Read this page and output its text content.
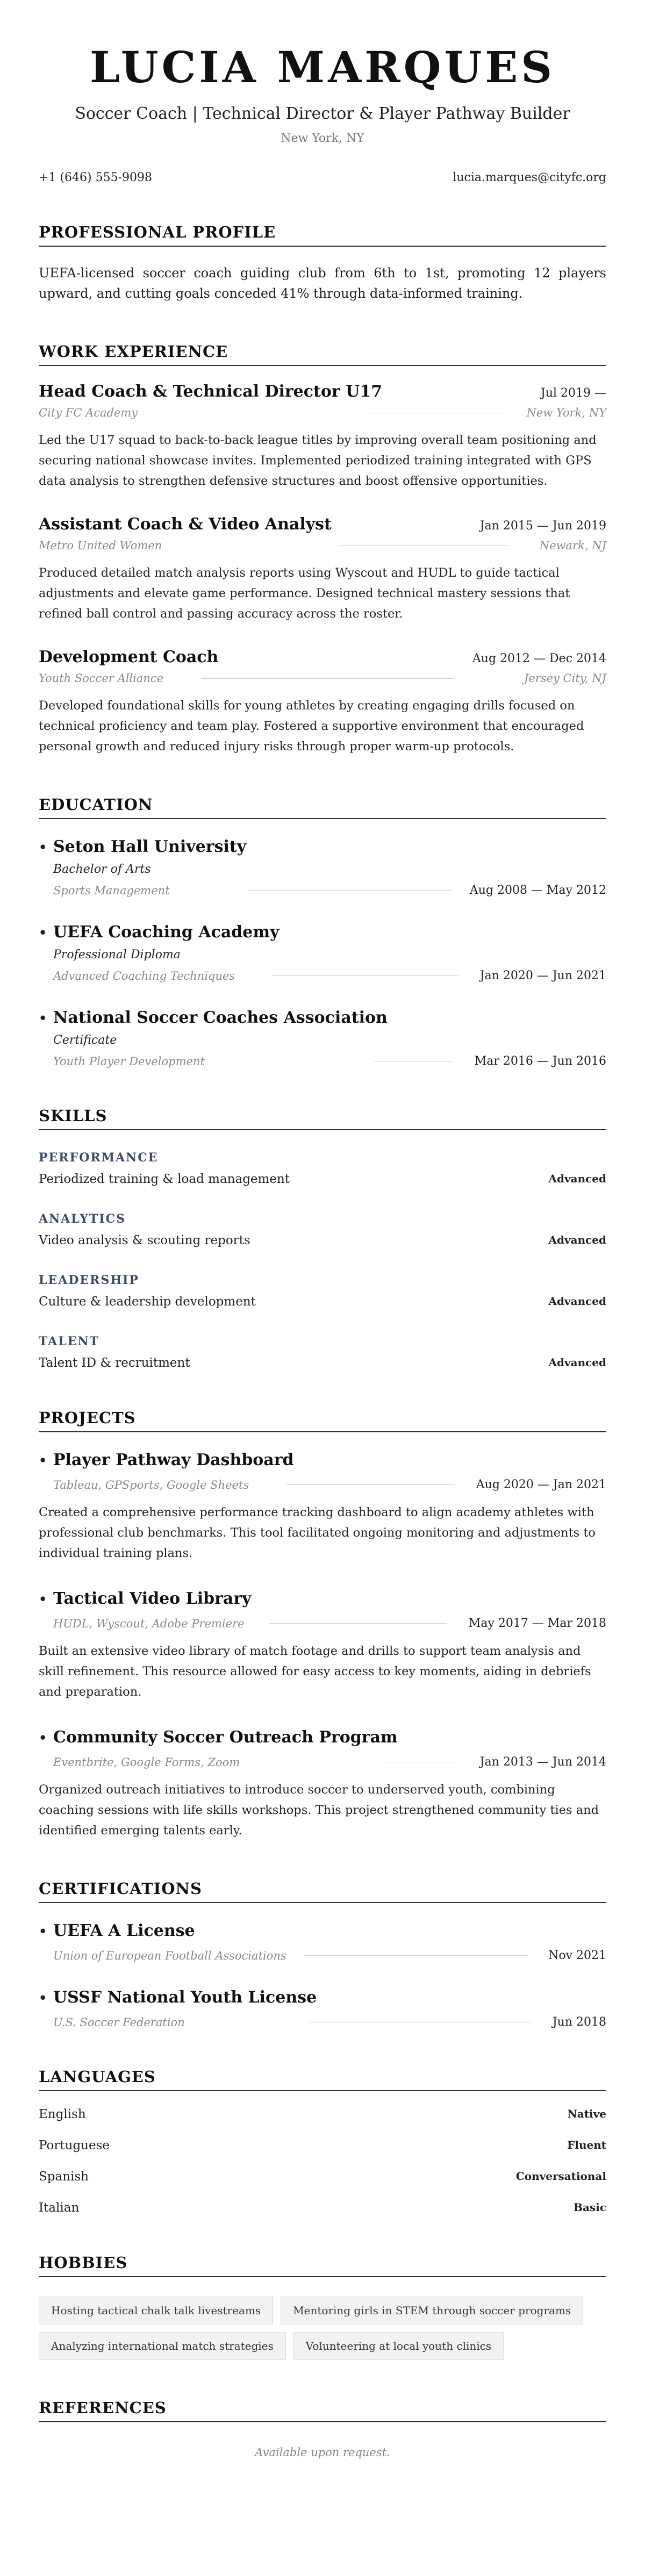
LUCIA MARQUES
Soccer Coach | Technical Director & Player Pathway Builder
New York, NY
+1 (646) 555-9098	lucia.marques@cityfc.org
PROFESSIONAL PROFILE

UEFA-licensed soccer coach guiding club from 6th to 1st, promoting 12 players upward, and cutting goals conceded 41% through data-informed training.

WORK EXPERIENCE
Head Coach & Technical Director U17	Jul 2019 —
City FC Academy	New York, NY

Led the U17 squad to back-to-back league titles by improving overall team positioning and securing national showcase invites. Implemented periodized training integrated with GPS data analysis to strengthen defensive structures and boost offensive opportunities.

Assistant Coach & Video Analyst	Jan 2015 — Jun 2019
Metro United Women	Newark, NJ

Produced detailed match analysis reports using Wyscout and HUDL to guide tactical adjustments and elevate game performance. Designed technical mastery sessions that refined ball control and passing accuracy across the roster.

Development Coach	Aug 2012 — Dec 2014
Youth Soccer Alliance	Jersey City, NJ

Developed foundational skills for young athletes by creating engaging drills focused on technical proficiency and team play. Fostered a supportive environment that encouraged personal growth and reduced injury risks through proper warm-up protocols.

EDUCATION
• Seton Hall University
Bachelor of Arts
Sports Management	Aug 2008 — May 2012
• UEFA Coaching Academy
Professional Diploma
Advanced Coaching Techniques	Jan 2020 — Jun 2021
• National Soccer Coaches Association
Certificate
Youth Player Development	Mar 2016 — Jun 2016
SKILLS
PERFORMANCE
Periodized training & load management	Advanced
ANALYTICS
Video analysis & scouting reports	Advanced
LEADERSHIP
Culture & leadership development	Advanced
TALENT
Talent ID & recruitment	Advanced
PROJECTS
• Player Pathway Dashboard
Tableau, GPSports, Google Sheets	Aug 2020 — Jan 2021

Created a comprehensive performance tracking dashboard to align academy athletes with professional club benchmarks. This tool facilitated ongoing monitoring and adjustments to individual training plans.

• Tactical Video Library
HUDL, Wyscout, Adobe Premiere	May 2017 — Mar 2018

Built an extensive video library of match footage and drills to support team analysis and skill refinement. This resource allowed for easy access to key moments, aiding in debriefs and preparation.

• Community Soccer Outreach Program
Eventbrite, Google Forms, Zoom	Jan 2013 — Jun 2014

Organized outreach initiatives to introduce soccer to underserved youth, combining coaching sessions with life skills workshops. This project strengthened community ties and identified emerging talents early.

CERTIFICATIONS
• UEFA A License
Union of European Football Associations	Nov 2021
• USSF National Youth License
U.S. Soccer Federation	Jun 2018
LANGUAGES
English	Native
Portuguese	Fluent
Spanish	Conversational
Italian	Basic
HOBBIES
Hosting tactical chalk talk livestreams	Mentoring girls in STEM through soccer programs
Analyzing international match strategies	Volunteering at local youth clinics
REFERENCES
Available upon request.
